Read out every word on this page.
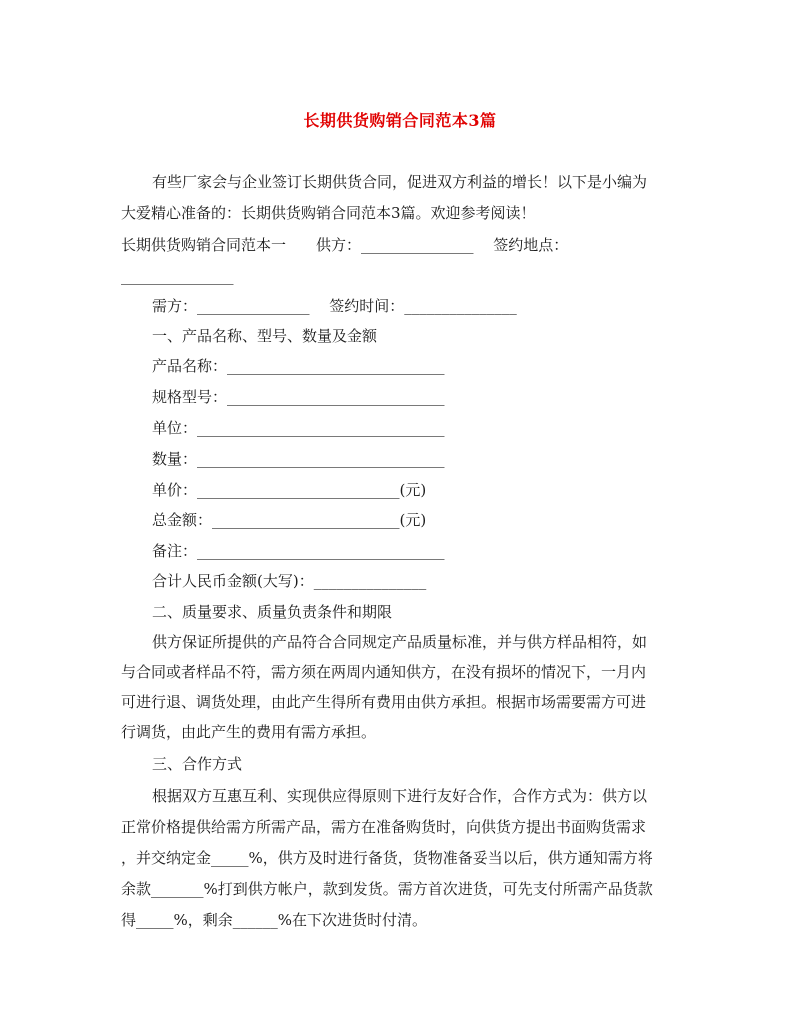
长期供货购销合同范本3篇
有些厂家会与企业签订长期供货合同，促进双方利益的增长！以下是小编为
大爱精心准备的：长期供货购销合同范本3篇。欢迎参考阅读！
长期供货购销合同范本一　　供方：_______________　 签约地点：
_______________
需方：_______________　 签约时间：_______________
一、产品名称、型号、数量及金额
产品名称：_____________________________
规格型号：_____________________________
单位：_________________________________
数量：_________________________________
单价：___________________________(元)
总金额：_________________________(元)
备注：_________________________________
合计人民币金额(大写)：_______________
二、质量要求、质量负责条件和期限
供方保证所提供的产品符合合同规定产品质量标准，并与供方样品相符，如
与合同或者样品不符，需方须在两周内通知供方，在没有损坏的情况下，一月内
可进行退、调货处理，由此产生得所有费用由供方承担。根据市场需要需方可进
行调货，由此产生的费用有需方承担。
三、合作方式
根据双方互惠互利、实现供应得原则下进行友好合作，合作方式为：供方以
正常价格提供给需方所需产品，需方在准备购货时，向供货方提出书面购货需求
，并交纳定金_____%，供方及时进行备货，货物准备妥当以后，供方通知需方将
余款_______%打到供方帐户，款到发货。需方首次进货，可先支付所需产品货款
得_____%，剩余______%在下次进货时付清。
